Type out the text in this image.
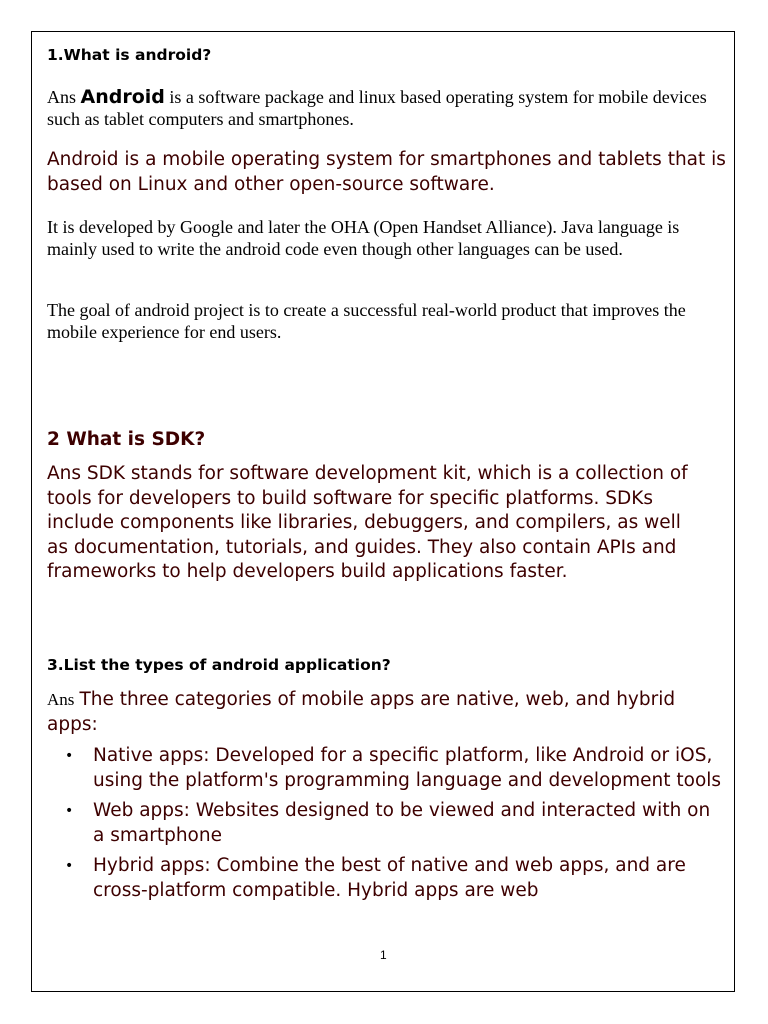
1.What is android?

Ans Android is a software package and linux based operating system for mobile devices such as tablet computers and smartphones.

Android is a mobile operating system for smartphones and tablets that is based on Linux and other open-source software.

It is developed by Google and later the OHA (Open Handset Alliance). Java language is mainly used to write the android code even though other languages can be used.

The goal of android project is to create a successful real-world product that improves the mobile experience for end users.

2 What is SDK?

Ans SDK stands for software development kit, which is a collection of tools for developers to build software for specific platforms. SDKs include components like libraries, debuggers, and compilers, as well as documentation, tutorials, and guides. They also contain APIs and frameworks to help developers build applications faster.

3.List the types of android application?

Ans The three categories of mobile apps are native, web, and hybrid apps:

• Native apps: Developed for a specific platform, like Android or iOS, using the platform's programming language and development tools
• Web apps: Websites designed to be viewed and interacted with on a smartphone
• Hybrid apps: Combine the best of native and web apps, and are cross-platform compatible. Hybrid apps are web

1
